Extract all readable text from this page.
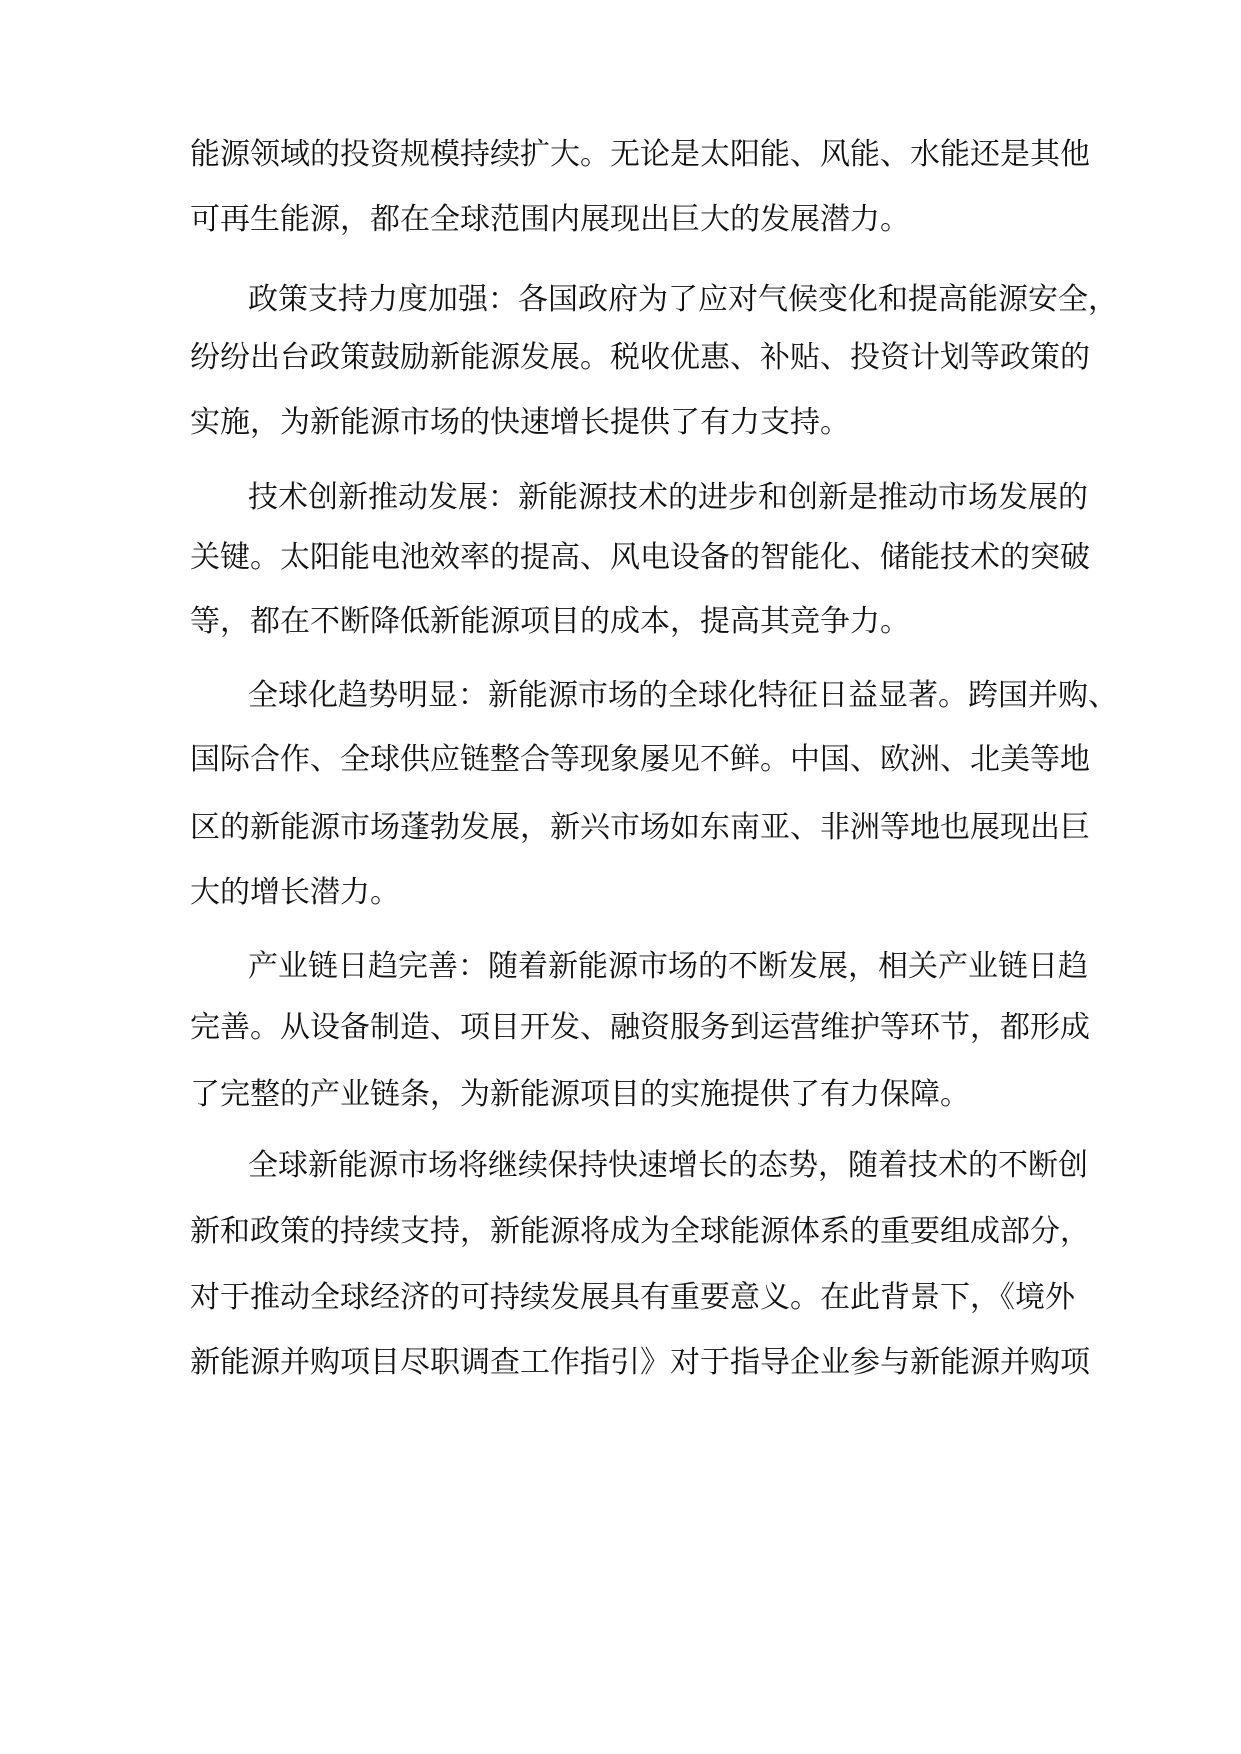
能源领域的投资规模持续扩大。无论是太阳能、风能、水能还是其他
可再生能源，都在全球范围内展现出巨大的发展潜力。
政策支持力度加强：各国政府为了应对气候变化和提高能源安全，
纷纷出台政策鼓励新能源发展。税收优惠、补贴、投资计划等政策的
实施，为新能源市场的快速增长提供了有力支持。
技术创新推动发展：新能源技术的进步和创新是推动市场发展的
关键。太阳能电池效率的提高、风电设备的智能化、储能技术的突破
等，都在不断降低新能源项目的成本，提高其竞争力。
全球化趋势明显：新能源市场的全球化特征日益显著。跨国并购、
国际合作、全球供应链整合等现象屡见不鲜。中国、欧洲、北美等地
区的新能源市场蓬勃发展，新兴市场如东南亚、非洲等地也展现出巨
大的增长潜力。
产业链日趋完善：随着新能源市场的不断发展，相关产业链日趋
完善。从设备制造、项目开发、融资服务到运营维护等环节，都形成
了完整的产业链条，为新能源项目的实施提供了有力保障。
全球新能源市场将继续保持快速增长的态势，随着技术的不断创
新和政策的持续支持，新能源将成为全球能源体系的重要组成部分，
对于推动全球经济的可持续发展具有重要意义。在此背景下，《境外
新能源并购项目尽职调查工作指引》对于指导企业参与新能源并购项
